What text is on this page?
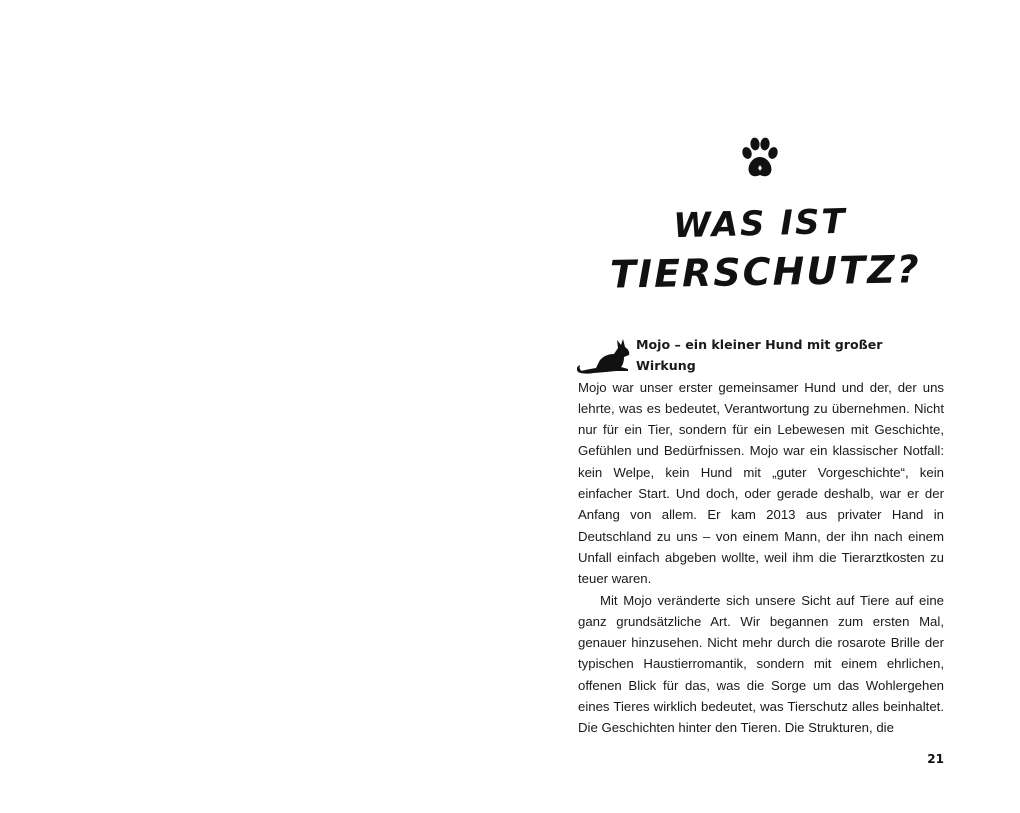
WAS IST
TIERSCHUTZ?

Mojo – ein kleiner Hund mit großer Wirkung
Mojo war unser erster gemeinsamer Hund und der, der uns lehrte, was es bedeutet, Verantwortung zu übernehmen. Nicht nur für ein Tier, sondern für ein Lebewesen mit Geschichte, Gefühlen und Bedürfnissen. Mojo war ein klassischer Notfall: kein Welpe, kein Hund mit „guter Vorgeschichte“, kein einfacher Start. Und doch, oder gerade deshalb, war er der Anfang von allem. Er kam 2013 aus privater Hand in Deutschland zu uns – von einem Mann, der ihn nach einem Unfall einfach abgeben wollte, weil ihm die Tierarztkosten zu teuer waren.

Mit Mojo veränderte sich unsere Sicht auf Tiere auf eine ganz grundsätzliche Art. Wir begannen zum ersten Mal, genauer hinzusehen. Nicht mehr durch die rosarote Brille der typischen Haustierromantik, sondern mit einem ehrlichen, offenen Blick für das, was die Sorge um das Wohlergehen eines Tieres wirklich bedeutet, was Tierschutz alles beinhaltet. Die Geschichten hinter den Tieren. Die Strukturen, die

21
